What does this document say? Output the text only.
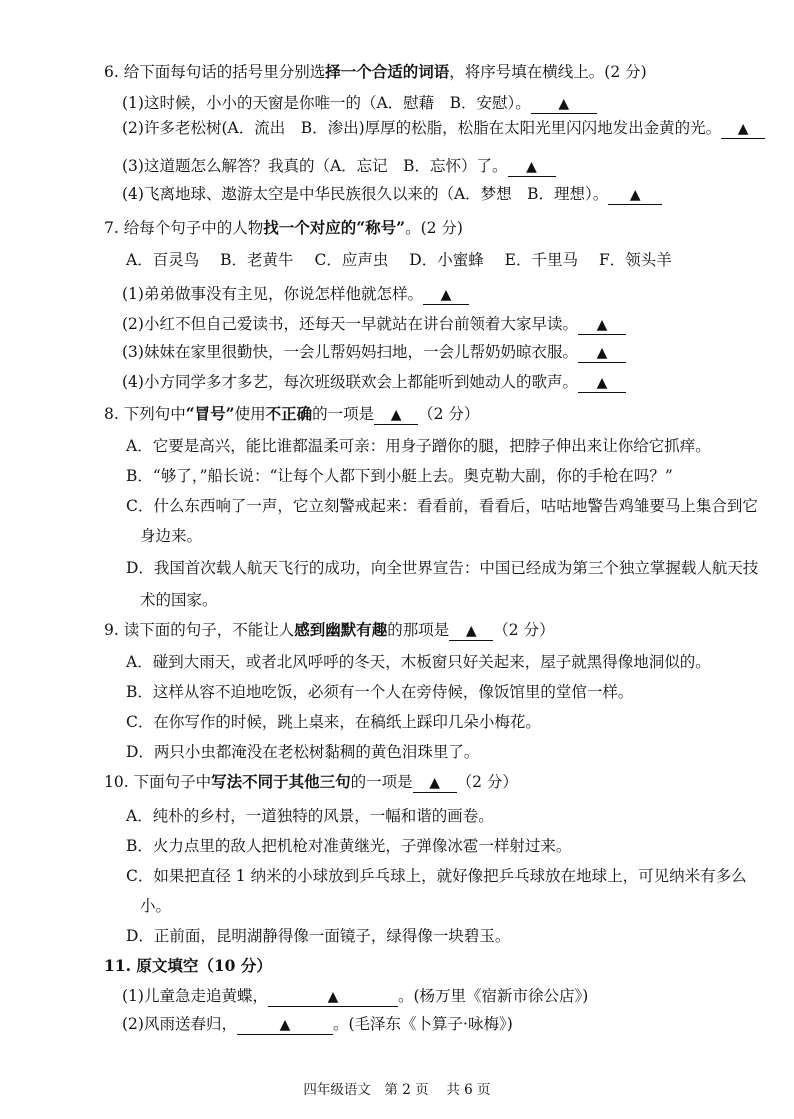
6. 给下面每句话的括号里分别选择一个合适的词语，将序号填在横线上。(2 分)
(1)这时候，小小的天窗是你唯一的（A．慰藉　B．安慰）。 ▲
(2)许多老松树(A．流出　B．渗出)厚厚的松脂，松脂在太阳光里闪闪地发出金黄的光。 ▲
(3)这道题怎么解答？我真的（A．忘记　B．忘怀）了。 ▲
(4)飞离地球、遨游太空是中华民族很久以来的（A．梦想　B．理想）。 ▲
7. 给每个句子中的人物找一个对应的“称号”。(2 分)
A．百灵鸟 B．老黄牛 C．应声虫 D．小蜜蜂 E．千里马 F．领头羊
(1)弟弟做事没有主见，你说怎样他就怎样。 ▲
(2)小红不但自己爱读书，还每天一早就站在讲台前领着大家早读。 ▲
(3)妹妹在家里很勤快，一会儿帮妈妈扫地，一会儿帮奶奶晾衣服。 ▲
(4)小方同学多才多艺，每次班级联欢会上都能听到她动人的歌声。 ▲
8. 下列句中“冒号”使用不正确的一项是 ▲ （2 分）
A．它要是高兴，能比谁都温柔可亲：用身子蹭你的腿，把脖子伸出来让你给它抓痒。
B．“够了，”船长说：“让每个人都下到小艇上去。奥克勒大副，你的手枪在吗？”
C．什么东西响了一声，它立刻警戒起来：看看前，看看后，咕咕地警告鸡雏要马上集合到它
身边来。
D．我国首次载人航天飞行的成功，向全世界宣告：中国已经成为第三个独立掌握载人航天技
术的国家。
9. 读下面的句子，不能让人感到幽默有趣的那项是 ▲ （2 分）
A．碰到大雨天，或者北风呼呼的冬天，木板窗只好关起来，屋子就黑得像地洞似的。
B．这样从容不迫地吃饭，必须有一个人在旁侍候，像饭馆里的堂倌一样。
C．在你写作的时候，跳上桌来，在稿纸上踩印几朵小梅花。
D．两只小虫都淹没在老松树黏稠的黄色泪珠里了。
10. 下面句子中写法不同于其他三句的一项是 ▲ （2 分）
A．纯朴的乡村，一道独特的风景，一幅和谐的画卷。
B．火力点里的敌人把机枪对准黄继光，子弹像冰雹一样射过来。
C．如果把直径 1 纳米的小球放到乒乓球上，就好像把乒乓球放在地球上，可见纳米有多么
小。
D．正前面，昆明湖静得像一面镜子，绿得像一块碧玉。
11. 原文填空（10 分）
(1)儿童急走追黄蝶，	▲	。(杨万里《宿新市徐公店》)
(2)风雨送春归，	▲	。(毛泽东《卜算子·咏梅》)
四年级语文　第 2 页　 共 6 页
